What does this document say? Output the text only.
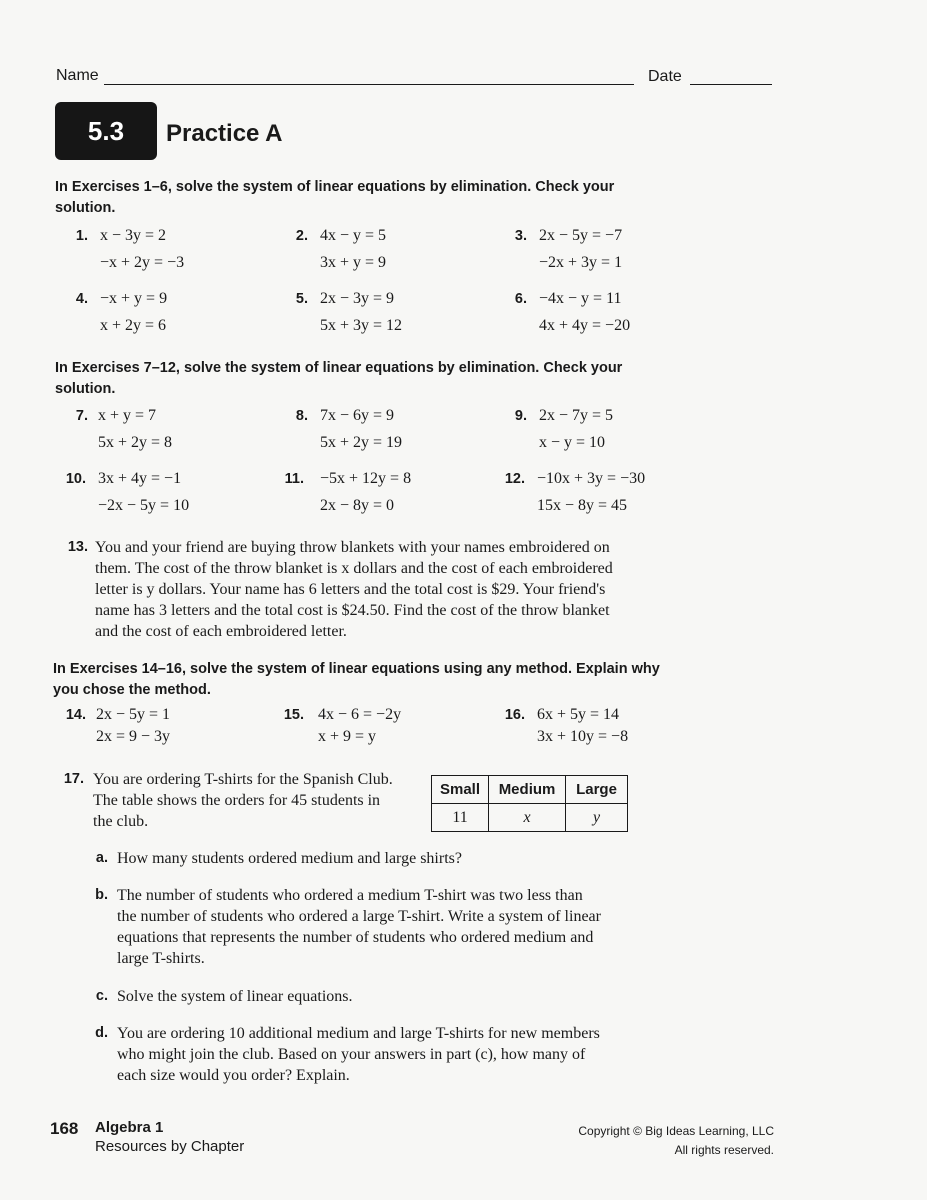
Name	Date
5.3	Practice A
In Exercises 1–6, solve the system of linear equations by elimination. Check your solution.
1. x − 3y = 2
−x + 2y = −3
2. 4x − y = 5
3x + y = 9
3. 2x − 5y = −7
−2x + 3y = 1
4. −x + y = 9
x + 2y = 6
5. 2x − 3y = 9
5x + 3y = 12
6. −4x − y = 11
4x + 4y = −20
In Exercises 7–12, solve the system of linear equations by elimination. Check your solution.
7. x + y = 7
5x + 2y = 8
8. 7x − 6y = 9
5x + 2y = 19
9. 2x − 7y = 5
x − y = 10
10. 3x + 4y = −1
−2x − 5y = 10
11. −5x + 12y = 8
2x − 8y = 0
12. −10x + 3y = −30
15x − 8y = 45
13. You and your friend are buying throw blankets with your names embroidered on
them. The cost of the throw blanket is x dollars and the cost of each embroidered
letter is y dollars. Your name has 6 letters and the total cost is $29. Your friend's
name has 3 letters and the total cost is $24.50. Find the cost of the throw blanket
and the cost of each embroidered letter.
In Exercises 14–16, solve the system of linear equations using any method. Explain why you chose the method.
14. 2x − 5y = 1
2x = 9 − 3y
15. 4x − 6 = −2y
x + 9 = y
16. 6x + 5y = 14
3x + 10y = −8
17. You are ordering T-shirts for the Spanish Club.
The table shows the orders for 45 students in
the club.
Small	Medium	Large
11	x	y
a. How many students ordered medium and large shirts?
b. The number of students who ordered a medium T-shirt was two less than
the number of students who ordered a large T-shirt. Write a system of linear
equations that represents the number of students who ordered medium and
large T-shirts.
c. Solve the system of linear equations.
d. You are ordering 10 additional medium and large T-shirts for new members
who might join the club. Based on your answers in part (c), how many of
each size would you order? Explain.
168 Algebra 1
Resources by Chapter
Copyright © Big Ideas Learning, LLC
All rights reserved.
